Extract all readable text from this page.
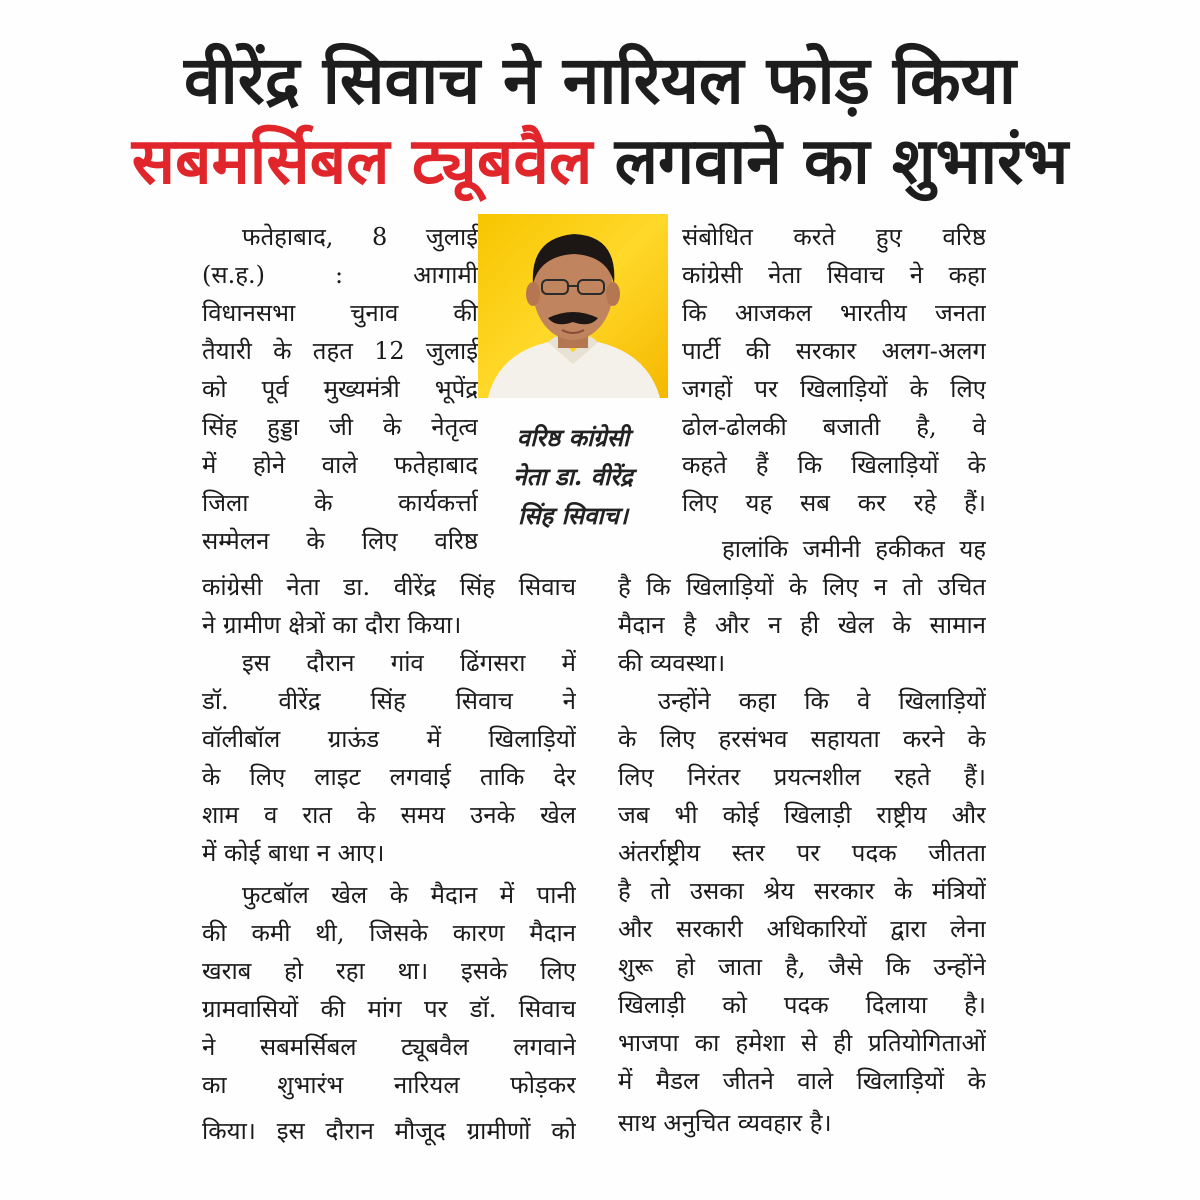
वीरेंद्र सिवाच ने नारियल फोड़ किया
सबमर्सिबल ट्यूबवैल लगवाने का शुभारंभ
वरिष्ठ कांग्रेसी
नेता डा. वीरेंद्र
सिंह सिवाच।
फतेहाबाद, 8 जुलाई
(स.ह.) : आगामी
विधानसभा चुनाव की
तैयारी के तहत 12 जुलाई
को पूर्व मुख्यमंत्री भूपेंद्र
सिंह हुड्डा जी के नेतृत्व
में होने वाले फतेहाबाद
जिला के कार्यकर्त्ता
सम्मेलन के लिए वरिष्ठ
कांग्रेसी नेता डा. वीरेंद्र सिंह सिवाच
ने ग्रामीण क्षेत्रों का दौरा किया।
इस दौरान गांव ढिंगसरा में
डॉ. वीरेंद्र सिंह सिवाच ने
वॉलीबॉल ग्राऊंड में खिलाड़ियों
के लिए लाइट लगवाई ताकि देर
शाम व रात के समय उनके खेल
में कोई बाधा न आए।
फुटबॉल खेल के मैदान में पानी
की कमी थी, जिसके कारण मैदान
खराब हो रहा था। इसके लिए
ग्रामवासियों की मांग पर डॉ. सिवाच
ने सबमर्सिबल ट्यूबवैल लगवाने
का शुभारंभ नारियल फोड़कर
किया। इस दौरान मौजूद ग्रामीणों को
संबोधित करते हुए वरिष्ठ
कांग्रेसी नेता सिवाच ने कहा
कि आजकल भारतीय जनता
पार्टी की सरकार अलग-अलग
जगहों पर खिलाड़ियों के लिए
ढोल-ढोलकी बजाती है, वे
कहते हैं कि खिलाड़ियों के
लिए यह सब कर रहे हैं।
हालांकि जमीनी हकीकत यह
है कि खिलाड़ियों के लिए न तो उचित
मैदान है और न ही खेल के सामान
की व्यवस्था।
उन्होंने कहा कि वे खिलाड़ियों
के लिए हरसंभव सहायता करने के
लिए निरंतर प्रयत्नशील रहते हैं।
जब भी कोई खिलाड़ी राष्ट्रीय और
अंतर्राष्ट्रीय स्तर पर पदक जीतता
है तो उसका श्रेय सरकार के मंत्रियों
और सरकारी अधिकारियों द्वारा लेना
शुरू हो जाता है, जैसे कि उन्होंने
खिलाड़ी को पदक दिलाया है।
भाजपा का हमेशा से ही प्रतियोगिताओं
में मैडल जीतने वाले खिलाड़ियों के
साथ अनुचित व्यवहार है।
